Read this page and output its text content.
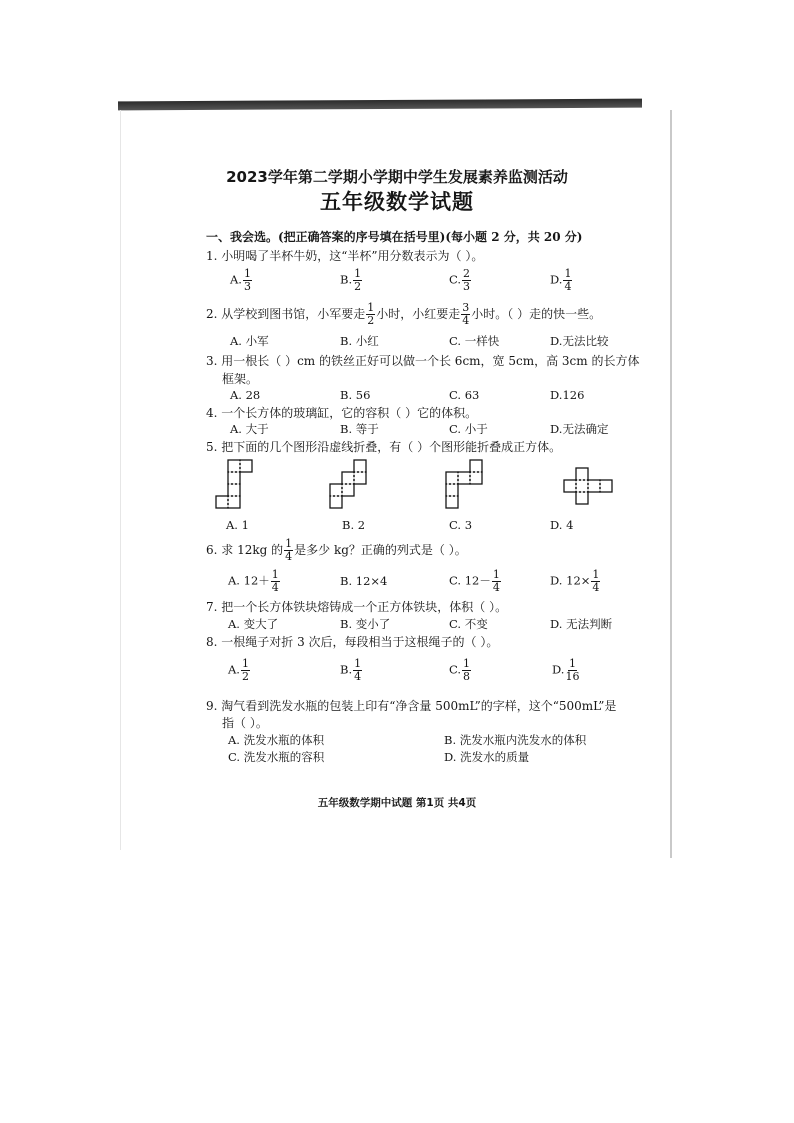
2023学年第二学期小学期中学生发展素养监测活动
五年级数学试题
一、我会选。(把正确答案的序号填在括号里)(每小题 2 分，共 20 分)
1. 小明喝了半杯牛奶，这“半杯”用分数表示为（ ）。
A. $\frac{1}{3}$	B. $\frac{1}{2}$	C. $\frac{2}{3}$	D. $\frac{1}{4}$
2. 从学校到图书馆，小军要走 $\frac{1}{2}$ 小时，小红要走 $\frac{3}{4}$ 小时。（ ）走的快一些。
A. 小军	B. 小红	C. 一样快	D.无法比较
3. 用一根长（ ）cm 的铁丝正好可以做一个长 6cm，宽 5cm，高 3cm 的长方体
框架。
A. 28	B. 56	C. 63	D.126
4. 一个长方体的玻璃缸，它的容积（ ）它的体积。
A. 大于	B. 等于	C. 小于	D.无法确定
5. 把下面的几个图形沿虚线折叠，有（ ）个图形能折叠成正方体。
A. 1	B. 2	C. 3	D. 4
6. 求 12kg 的 $\frac{1}{4}$ 是多少 kg？正确的列式是（ ）。
A. $12+ \frac{1}{4}$	B. 12×4	C. $12- \frac{1}{4}$	D. $12\times \frac{1}{4}$
7. 把一个长方体铁块熔铸成一个正方体铁块，体积（ ）。
A. 变大了	B. 变小了	C. 不变	D. 无法判断
8. 一根绳子对折 3 次后，每段相当于这根绳子的（ ）。
A. $\frac{1}{2}$	B. $\frac{1}{4}$	C. $\frac{1}{8}$	D. $\frac{1}{16}$
9. 淘气看到洗发水瓶的包装上印有“净含量 500mL”的字样，这个“500mL”是
指（ ）。
A. 洗发水瓶的体积	B. 洗发水瓶内洗发水的体积
C. 洗发水瓶的容积	D. 洗发水的质量
五年级数学期中试题 第1页 共4页
